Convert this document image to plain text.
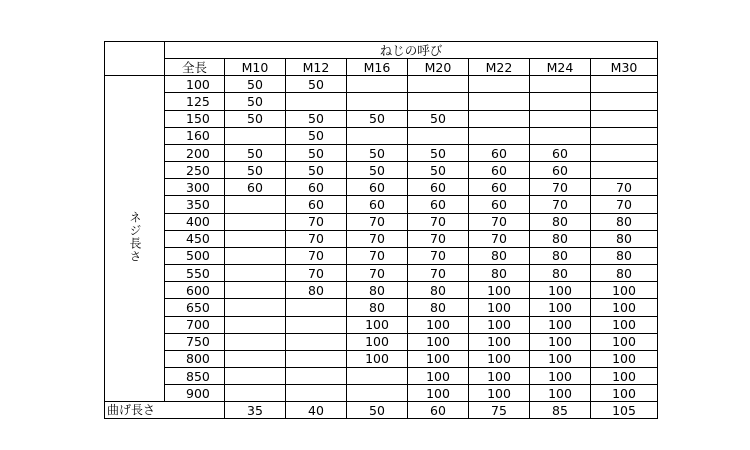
	ねじの呼び							
	全長	M10	M12	M16	M20	M22	M24	M30
ネジ長さ	100	50	50					
	125	50						
	150	50	50	50	50			
	160		50					
	200	50	50	50	50	60	60	
	250	50	50	50	50	60	60	
	300	60	60	60	60	60	70	70
	350		60	60	60	60	70	70
	400		70	70	70	70	80	80
	450		70	70	70	70	80	80
	500		70	70	70	80	80	80
	550		70	70	70	80	80	80
	600		80	80	80	100	100	100
	650			80	80	100	100	100
	700			100	100	100	100	100
	750			100	100	100	100	100
	800			100	100	100	100	100
	850				100	100	100	100
	900				100	100	100	100
曲げ長さ		35	40	50	60	75	85	105
